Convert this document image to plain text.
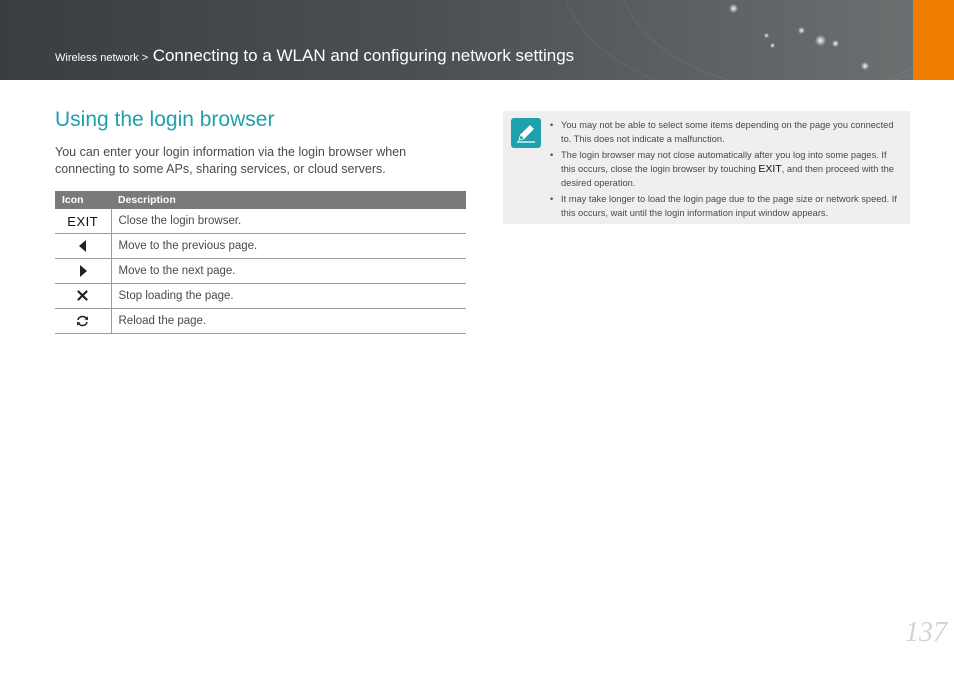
Wireless network > Connecting to a WLAN and configuring network settings
Using the login browser

You can enter your login information via the login browser when connecting to some APs, sharing services, or cloud servers.

Icon	Description
EXIT	Close the login browser.
	Move to the previous page.
	Move to the next page.
	Stop loading the page.
	Reload the page.
• You may not be able to select some items depending on the page you connected to. This does not indicate a malfunction.
• The login browser may not close automatically after you log into some pages. If this occurs, close the login browser by touching EXIT, and then proceed with the desired operation.
• It may take longer to load the login page due to the page size or network speed. If this occurs, wait until the login information input window appears.
137
